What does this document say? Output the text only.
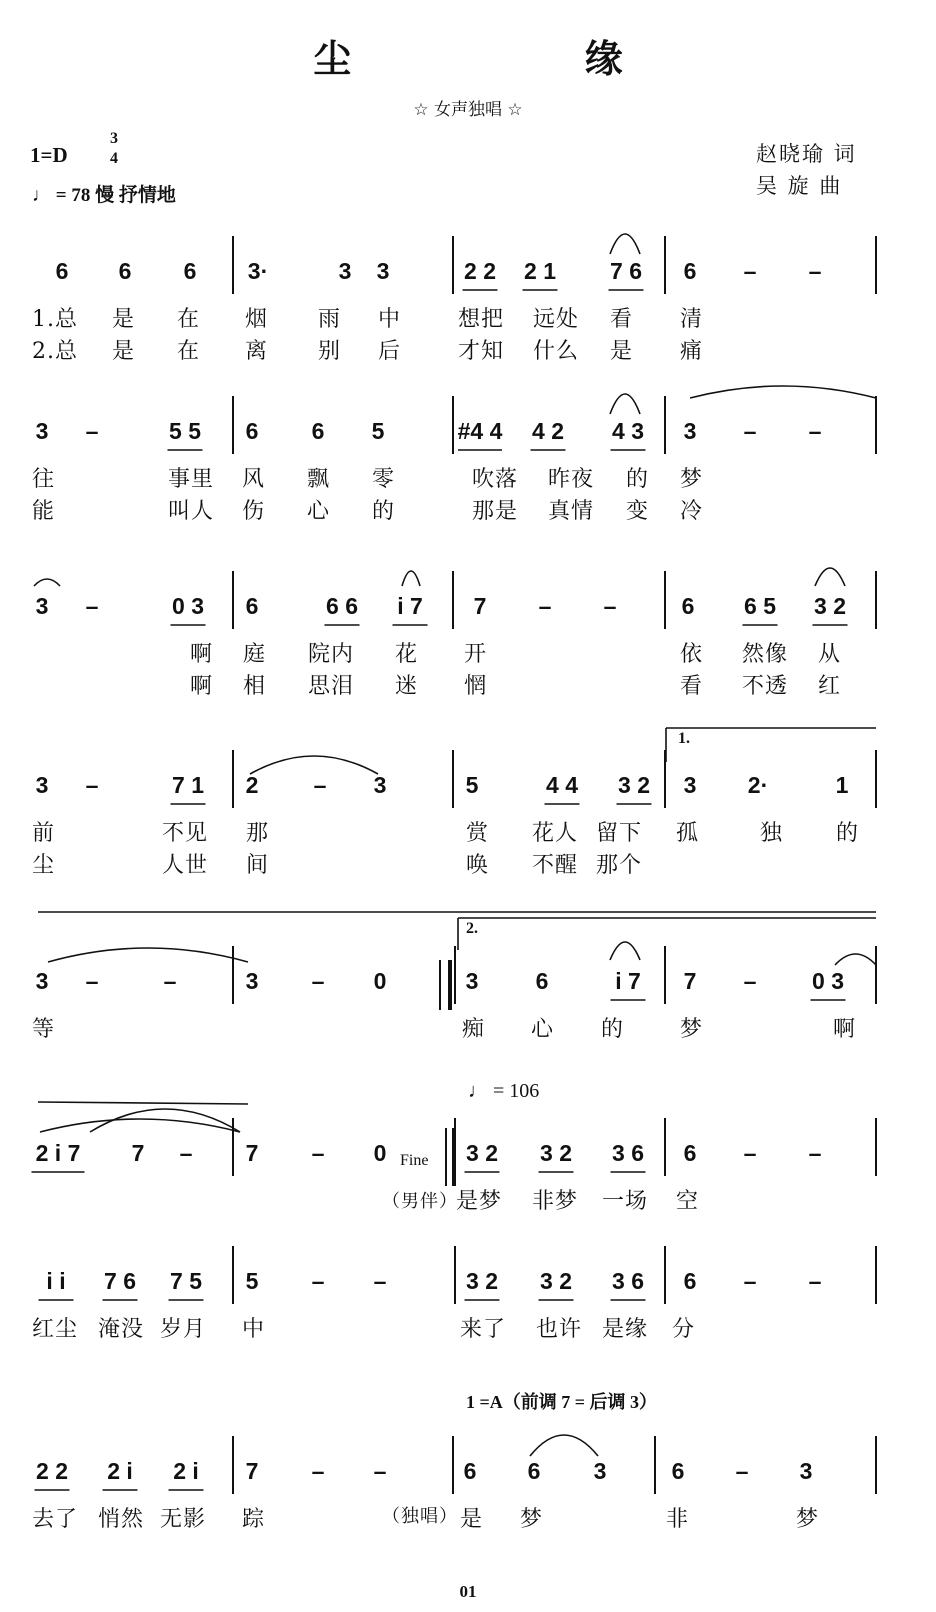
尘 缘
☆ 女声独唱 ☆
1=D
3
4
♩ = 78 慢 抒情地
赵晓瑜 词
吴 旋 曲
6 6 6 3·	3 3	2 2 2 1 7 6 6 – –
1.总 是 在 烟 雨 中	想把 远处 看 清
2.总 是 在 离 别 后	才知 什么 是 痛
3 –	5 5 6 6 5	#4 4 4 2 4 3 3 – –
往	事里 风 飘 零	吹落 昨夜 的 梦
能	叫人 伤 心 的	那是 真情 变 冷
3 –	0 3 6	6 6 i 7 7 – –	6 6 5 3 2
啊 庭 院内 花 开	依 然像 从
啊 相 思泪 迷 惘	看 不透 红
3 –	7 1 2 – 3	5	4 4 3 2 3 2·	1
前	不见 那	赏 花人 留下 孤	独 的
尘	人世 间	唤 不醒 那个
3 –	–	3 – 0	3 6	i 7 7 – 0 3
等	痴 心 的	梦	啊
2 i 7 7 – 7 – 0	3 2 3 2 3 6 6 – –
是梦 非梦 一场 空
i i 7 6 7 5 5 – –	3 2 3 2 3 6 6 – –
红尘 淹没 岁月 中	来了 也许 是缘 分
2 2 2 i 2 i 7 – –	6 6 3	6 – 3
去了 悄然 无影 踪	是 梦	非	梦
1.
2.
Fine
♩ = 106
1 =A（前调 7 = 后调 3）
（男伴）
（独唱）
01
